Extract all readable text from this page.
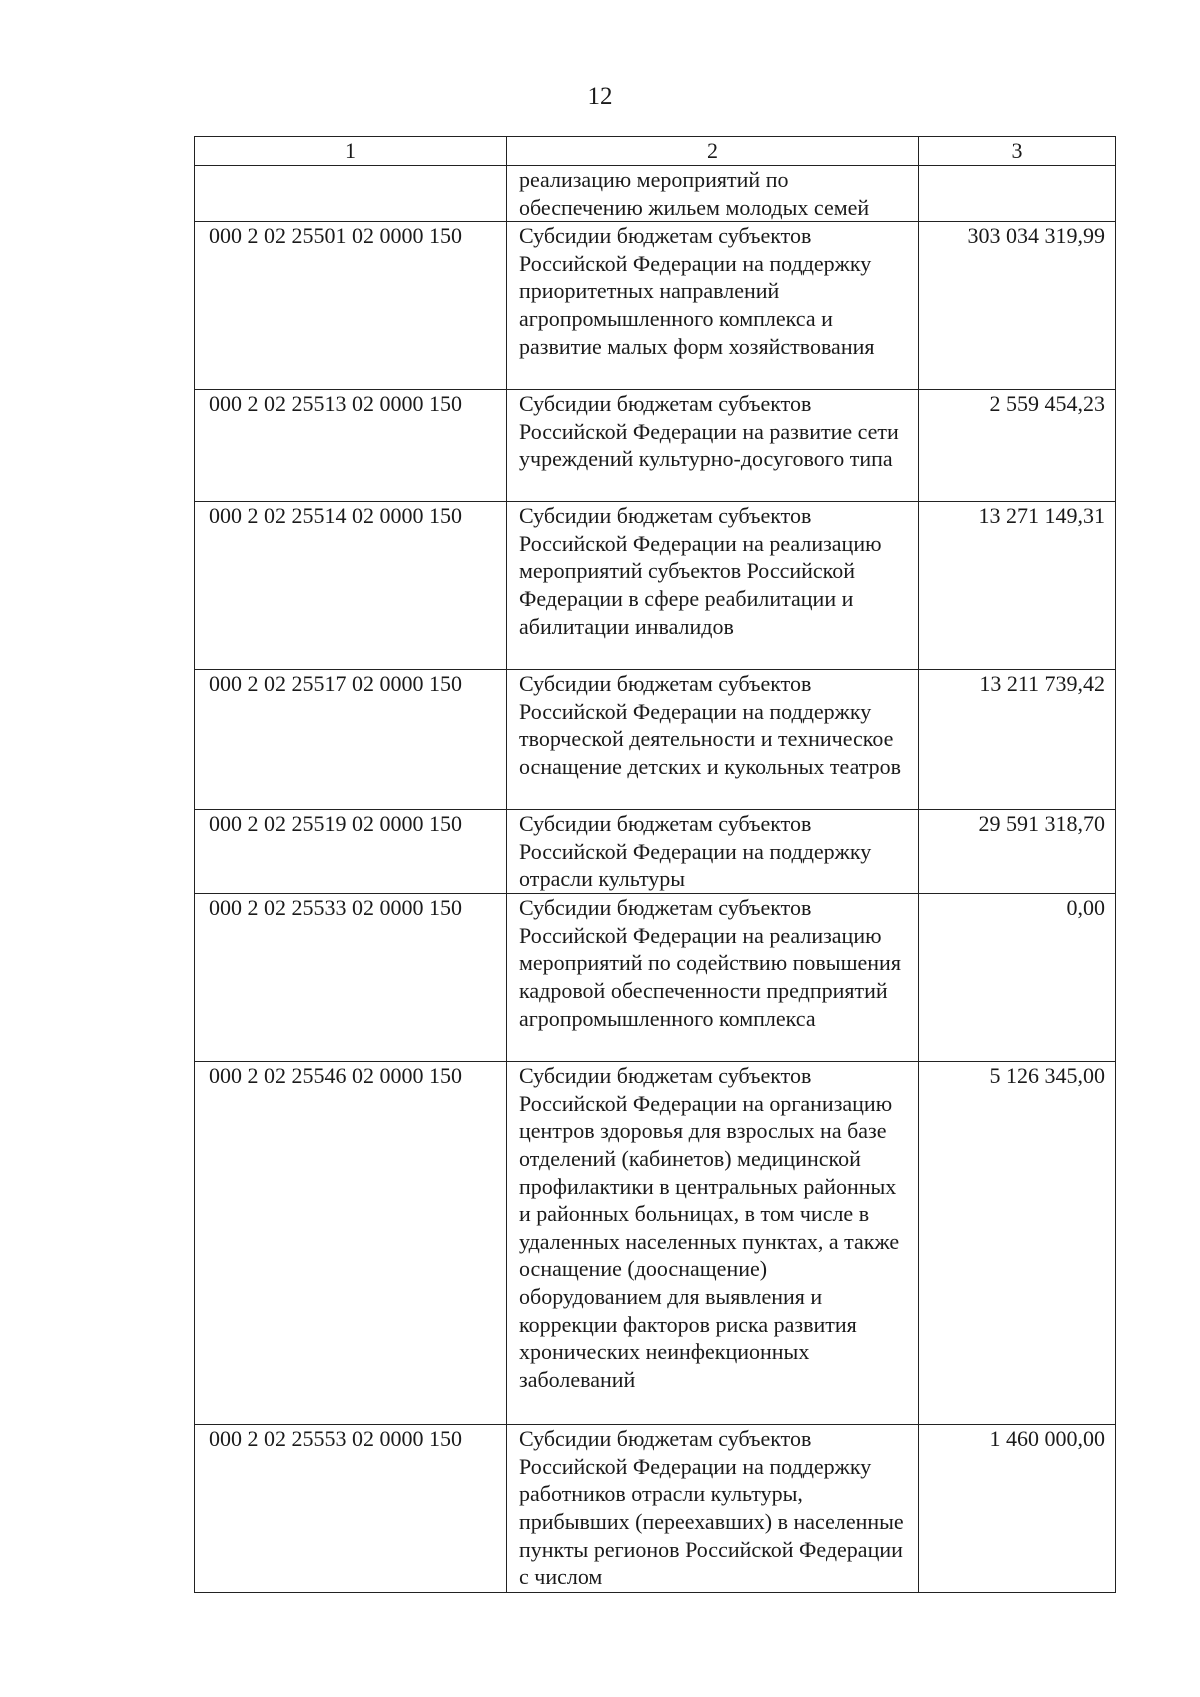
12
1	2	3
	реализацию мероприятий по обеспечению жильем молодых семей	
000 2 02 25501 02 0000 150	Субсидии бюджетам субъектов Российской Федерации на поддержку приоритетных направлений агропромышленного комплекса и развитие малых форм хозяйствования	303 034 319,99
000 2 02 25513 02 0000 150	Субсидии бюджетам субъектов Российской Федерации на развитие сети учреждений культурно-досугового типа	2 559 454,23
000 2 02 25514 02 0000 150	Субсидии бюджетам субъектов Российской Федерации на реализацию мероприятий субъектов Российской Федерации в сфере реабилитации и абилитации инвалидов	13 271 149,31
000 2 02 25517 02 0000 150	Субсидии бюджетам субъектов Российской Федерации на поддержку творческой деятельности и техническое оснащение детских и кукольных театров	13 211 739,42
000 2 02 25519 02 0000 150	Субсидии бюджетам субъектов Российской Федерации на поддержку отрасли культуры	29 591 318,70
000 2 02 25533 02 0000 150	Субсидии бюджетам субъектов Российской Федерации на реализацию мероприятий по содействию повышения кадровой обеспеченности предприятий агропромышленного комплекса	0,00
000 2 02 25546 02 0000 150	Субсидии бюджетам субъектов Российской Федерации на организацию центров здоровья для взрослых на базе отделений (кабинетов) медицинской профилактики в центральных районных и районных больницах, в том числе в удаленных населенных пунктах, а также оснащение (дооснащение) оборудованием для выявления и коррекции факторов риска развития хронических неинфекционных заболеваний	5 126 345,00
000 2 02 25553 02 0000 150	Субсидии бюджетам субъектов Российской Федерации на поддержку работников отрасли культуры, прибывших (переехавших) в населенные пункты регионов Российской Федерации с числом	1 460 000,00
